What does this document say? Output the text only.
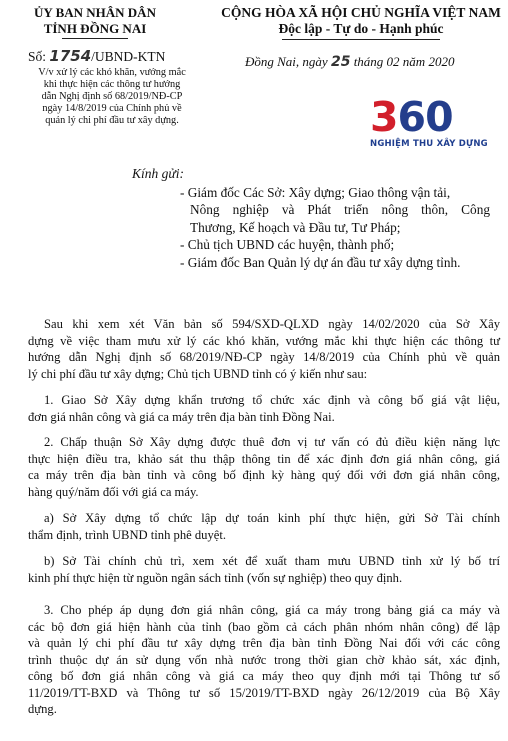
ỦY BAN NHÂN DÂN
TỈNH ĐỒNG NAI
Số: 1754/UBND-KTN
V/v xử lý các khó khăn, vướng mắc
khi thực hiện các thông tư hướng
dẫn Nghị định số 68/2019/NĐ-CP
ngày 14/8/2019 của Chính phủ về
quản lý chi phí đầu tư xây dựng.
CỘNG HÒA XÃ HỘI CHỦ NGHĨA VIỆT NAM
Độc lập - Tự do - Hạnh phúc
Đồng Nai, ngày 25 tháng 02 năm 2020
360
NGHIỆM THU XÂY DỰNG
Kính gửi:
- Giám đốc Các Sở: Xây dựng; Giao thông vận tải,
Nông nghiệp và Phát triển nông thôn, Công
Thương, Kế hoạch và Đầu tư, Tư Pháp;
- Chủ tịch UBND các huyện, thành phố;
- Giám đốc Ban Quản lý dự án đầu tư xây dựng tỉnh.
Sau khi xem xét Văn bản số 594/SXD-QLXD ngày 14/02/2020 của Sở Xây
dựng về việc tham mưu xử lý các khó khăn, vướng mắc khi thực hiện các thông tư
hướng dẫn Nghị định số 68/2019/NĐ-CP ngày 14/8/2019 của Chính phủ về quản
lý chi phí đầu tư xây dựng; Chủ tịch UBND tỉnh có ý kiến như sau:
1. Giao Sở Xây dựng khẩn trương tổ chức xác định và công bố giá vật liệu,
đơn giá nhân công và giá ca máy trên địa bàn tỉnh Đồng Nai.
2. Chấp thuận Sở Xây dựng được thuê đơn vị tư vấn có đủ điều kiện năng lực
thực hiện điều tra, khảo sát thu thập thông tin để xác định đơn giá nhân công, giá
ca máy trên địa bàn tỉnh và công bố định kỳ hàng quý đối với đơn giá nhân công,
hàng quý/năm đối với giá ca máy.
a) Sở Xây dựng tổ chức lập dự toán kinh phí thực hiện, gửi Sở Tài chính
thẩm định, trình UBND tỉnh phê duyệt.
b) Sở Tài chính chủ trì, xem xét để xuất tham mưu UBND tỉnh xử lý bố trí
kinh phí thực hiện từ nguồn ngân sách tỉnh (vốn sự nghiệp) theo quy định.
3. Cho phép áp dụng đơn giá nhân công, giá ca máy trong bảng giá ca máy và
các bộ đơn giá hiện hành của tỉnh (bao gồm cả cách phân nhóm nhân công) để lập
và quản lý chi phí đầu tư xây dựng trên địa bàn tỉnh Đồng Nai đối với các công
trình thuộc dự án sử dụng vốn nhà nước trong thời gian chờ khảo sát, xác định,
công bố đơn giá nhân công và giá ca máy theo quy định mới tại Thông tư số
11/2019/TT-BXD và Thông tư số 15/2019/TT-BXD ngày 26/12/2019 của Bộ Xây
dựng.
